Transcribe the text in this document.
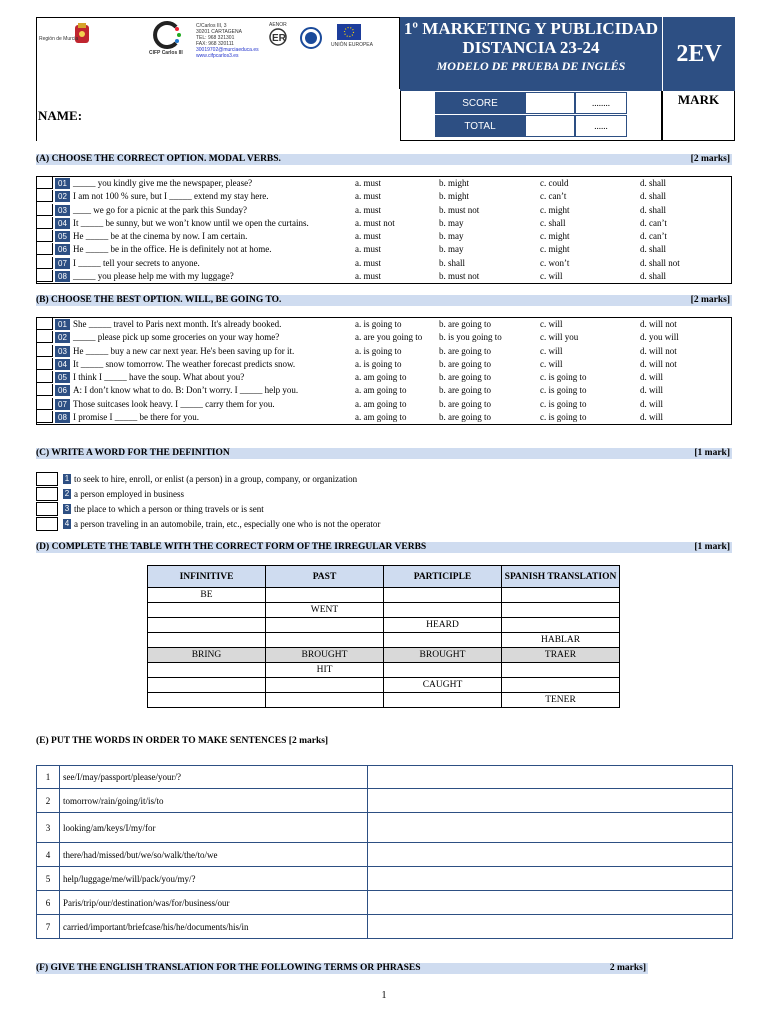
Región de Murcia
CIFP Carlos III
C/Carlos III, 3
30201 CARTAGENA
TEL: 968 321301
FAX: 968 320111
30019702@murciaeduca.es
www.cifpcarlos3.es
AENOR
ER
UNIÓN EUROPEA
NAME:
1º MARKETING Y PUBLICIDAD DISTANCIA 23-24
MODELO DE PRUEBA DE INGLÉS	2EV
SCORE	........
TOTAL	......
MARK
(A) CHOOSE THE CORRECT OPTION. MODAL VERBS.	[2 marks]
01 _____ you kindly give me the newspaper, please?	a. must	b. might	c. could	d. shall
02 I am not 100 % sure, but I _____ extend my stay here.	a. must	b. might	c. can’t	d. shall
03 ____ we go for a picnic at the park this Sunday?	a. must	b. must not	c. might	d. shall
04 It _____ be sunny, but we won’t know until we open the curtains.	a. must not	b. may	c. shall	d. can’t
05 He _____ be at the cinema by now. I am certain.	a. must	b. may	c. might	d. can’t
06 He _____ be in the office. He is definitely not at home.	a. must	b. may	c. might	d. shall
07 I _____ tell your secrets to anyone.	a. must	b. shall	c. won’t	d. shall not
08 _____ you please help me with my luggage?	a. must	b. must not	c. will	d. shall
(B) CHOOSE THE BEST OPTION. WILL, BE GOING TO.	[2 marks]
01 She _____ travel to Paris next month. It's already booked.	a. is going to	b. are going to	c. will	d. will not
02 _____ please pick up some groceries on your way home?	a. are you going to b. is you going to	c. will you	d. you will
03 He _____ buy a new car next year. He's been saving up for it.	a. is going to	b. are going to	c. will	d. will not
04 It _____ snow tomorrow. The weather forecast predicts snow.	a. is going to	b. are going to	c. will	d. will not
05 I think I _____ have the soup. What about you?	a. am going to	b. are going to	c. is going to	d. will
06 A: I don’t know what to do. B: Don’t worry. I _____ help you.	a. am going to	b. are going to	c. is going to	d. will
07 Those suitcases look heavy. I _____ carry them for you.	a. am going to	b. are going to	c. is going to	d. will
08 I promise I _____ be there for you.	a. am going to	b. are going to	c. is going to	d. will
(C) WRITE A WORD FOR THE DEFINITION	[1 mark]
1 to seek to hire, enroll, or enlist (a person) in a group, company, or organization
2 a person employed in business
3 the place to which a person or thing travels or is sent
4 a person traveling in an automobile, train, etc., especially one who is not the operator
(D) COMPLETE THE TABLE WITH THE CORRECT FORM OF THE IRREGULAR VERBS	[1 mark]
INFINITIVE	PAST	PARTICIPLE	SPANISH TRANSLATION
BE			
	WENT		
		HEARD	
			HABLAR
BRING	BROUGHT	BROUGHT	TRAER
	HIT		
		CAUGHT	
			TENER
(E) PUT THE WORDS IN ORDER TO MAKE SENTENCES [2 marks]
1	see/I/may/passport/please/your/?	
2	tomorrow/rain/going/it/is/to	
3	looking/am/keys/I/my/for	
4	there/had/missed/but/we/so/walk/the/to/we	
5	help/luggage/me/will/pack/you/my/?	
6	Paris/trip/our/destination/was/for/business/our	
7	carried/important/briefcase/his/he/documents/his/in	
(F) GIVE THE ENGLISH TRANSLATION FOR THE FOLLOWING TERMS OR PHRASES	2 marks]
1
